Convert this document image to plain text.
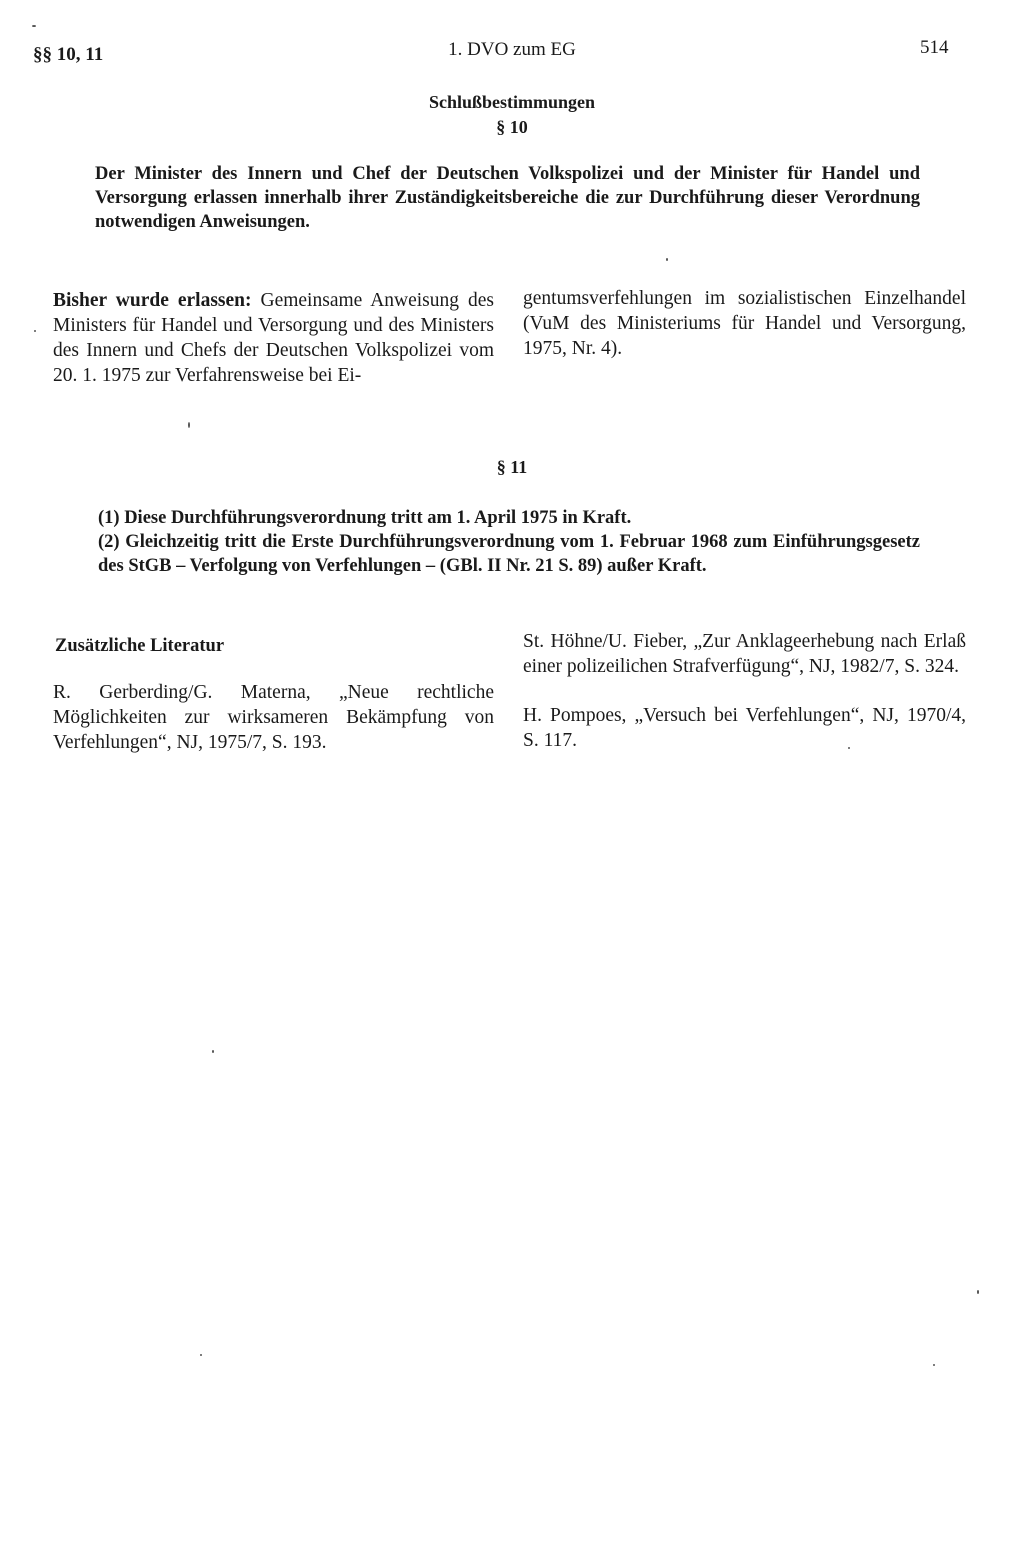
§§ 10, 11	1. DVO zum EG	514
Schlußbestimmungen
§ 10
Der Minister des Innern und Chef der Deutschen Volkspolizei und der Minister für Handel und Versorgung erlassen innerhalb ihrer Zuständigkeitsbereiche die zur Durchführung dieser Verordnung notwendigen Anweisungen.
Bisher wurde erlassen: Gemeinsame Anweisung des Ministers für Handel und Versorgung und des Ministers des Innern und Chefs der Deutschen Volkspolizei vom 20. 1. 1975 zur Verfahrensweise bei Ei-
gentumsverfehlungen im sozialistischen Einzelhandel (VuM des Ministeriums für Handel und Versorgung, 1975, Nr. 4).
§ 11
(1) Diese Durchführungsverordnung tritt am 1. April 1975 in Kraft.
(2) Gleichzeitig tritt die Erste Durchführungsverordnung vom 1. Februar 1968 zum Einführungsgesetz des StGB – Verfolgung von Verfehlungen – (GBl. II Nr. 21 S. 89) außer Kraft.
Zusätzliche Literatur
R. Gerberding/G. Materna, „Neue rechtliche Möglichkeiten zur wirksameren Bekämpfung von Verfehlungen“, NJ, 1975/7, S. 193.
St. Höhne/U. Fieber, „Zur Anklageerhebung nach Erlaß einer polizeilichen Strafverfügung“, NJ, 1982/7, S. 324.
H. Pompoes, „Versuch bei Verfehlungen“, NJ, 1970/4, S. 117.
